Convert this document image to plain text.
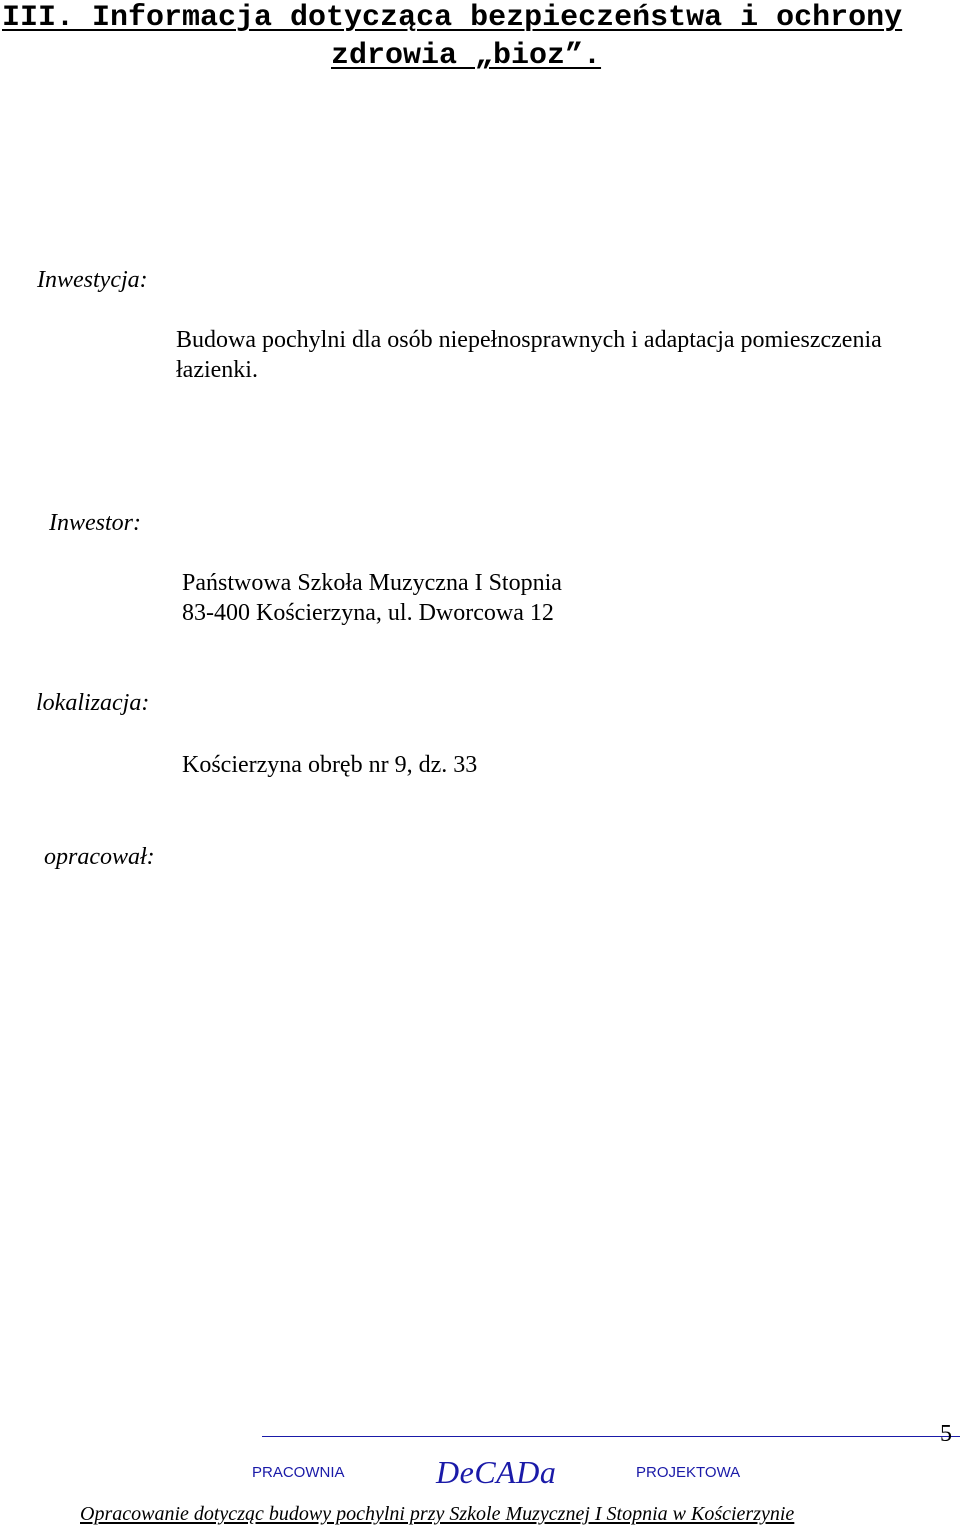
III. Informacja dotycząca bezpieczeństwa i ochrony
zdrowia „bioz”.
Inwestycja:
Budowa pochylni dla osób niepełnosprawnych i adaptacja pomieszczenia
łazienki.
Inwestor:
Państwowa Szkoła Muzyczna I Stopnia
83-400 Kościerzyna, ul. Dworcowa 12
lokalizacja:
Kościerzyna obręb nr 9, dz. 33
opracował:
5
PRACOWNIA	DeCADa	PROJEKTOWA
Opracowanie dotycząc budowy pochylni przy Szkole Muzycznej I Stopnia w Kościerzynie
